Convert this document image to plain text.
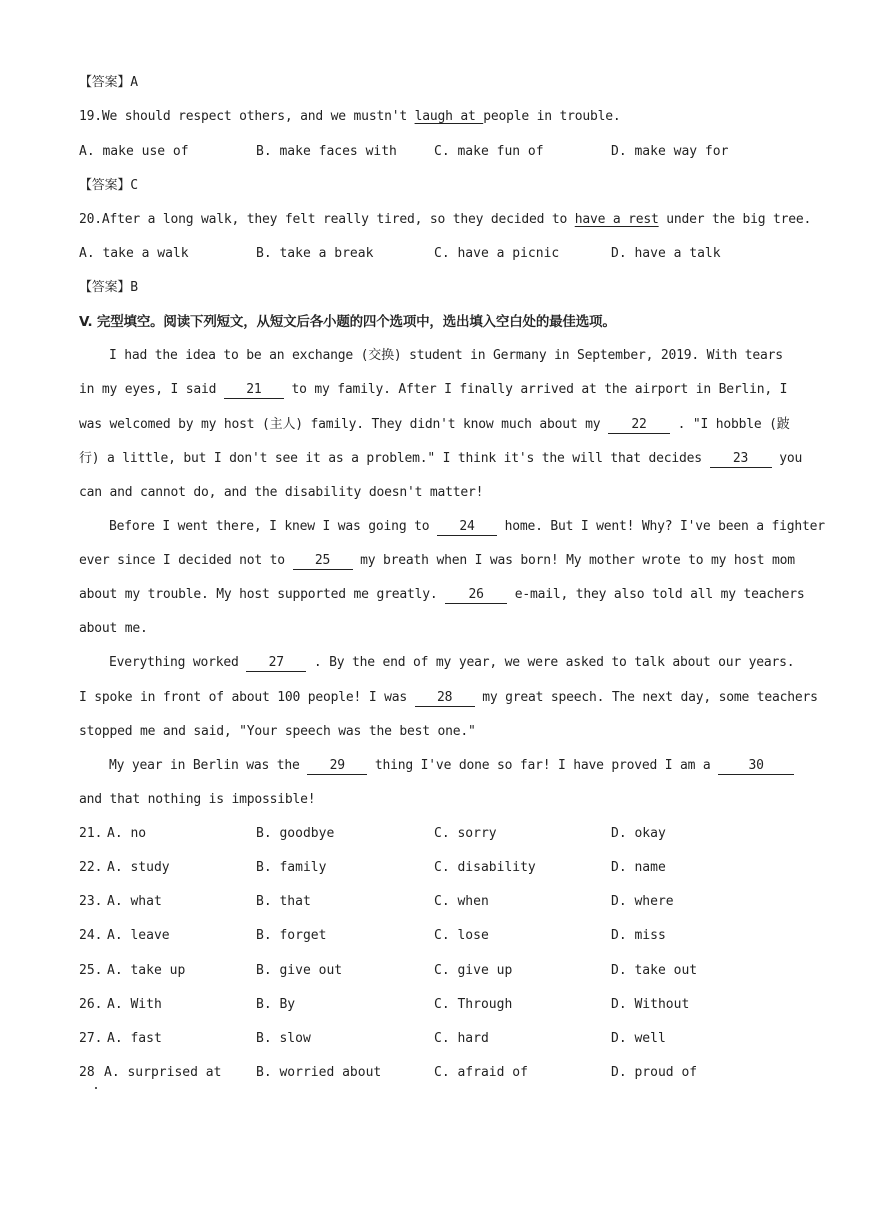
【答案】A
19.We should respect others, and we mustn't laugh at people in trouble.
A. make use of	B. make faces with	C. make fun of	D. make way for
【答案】C
20.After a long walk, they felt really tired, so they decided to have a rest under the big tree.
A. take a walk	B. take a break	C. have a picnic	D. have a talk
【答案】B
V. 完型填空。阅读下列短文，从短文后各小题的四个选项中，选出填入空白处的最佳选项。
I had the idea to be an exchange (交换) student in Germany in September, 2019. With tears
in my eyes, I said 21 to my family. After I finally arrived at the airport in Berlin, I
was welcomed by my host (主人) family. They didn't know much about my 22 . "I hobble (跛
行) a little, but I don't see it as a problem." I think it's the will that decides 23 you
can and cannot do, and the disability doesn't matter!
Before I went there, I knew I was going to 24 home. But I went! Why? I've been a fighter
ever since I decided not to 25 my breath when I was born! My mother wrote to my host mom
about my trouble. My host supported me greatly. 26 e-mail, they also told all my teachers
about me.
Everything worked 27 . By the end of my year, we were asked to talk about our years.
I spoke in front of about 100 people! I was 28 my great speech. The next day, some teachers
stopped me and said, "Your speech was the best one."
My year in Berlin was the 29 thing I've done so far! I have proved I am a 30
and that nothing is impossible!
21. A. no	B. goodbye	C. sorry	D. okay
22. A. study	B. family	C. disability	D. name
23. A. what	B. that	C. when	D. where
24. A. leave	B. forget	C. lose	D. miss
25. A. take up	B. give out	C. give up	D. take out
26. A. With	B. By	C. Through	D. Without
27. A. fast	B. slow	C. hard	D. well
28 A. surprised at	B. worried about	C. afraid of	D. proud of
